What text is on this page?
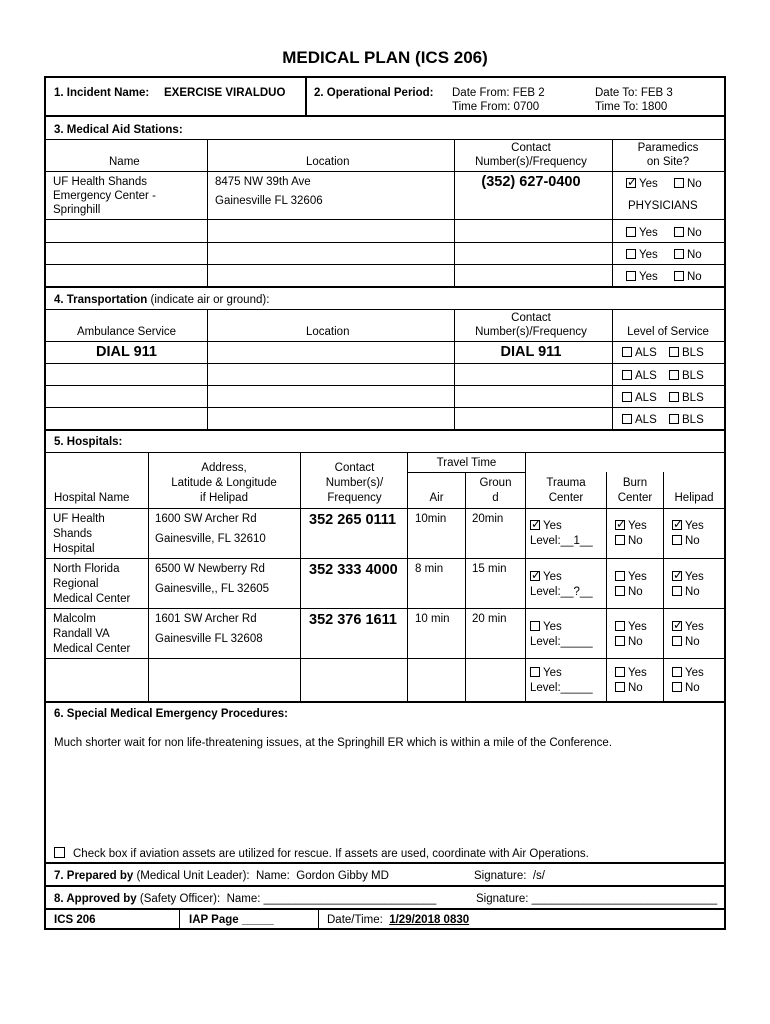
MEDICAL PLAN (ICS 206)
1. Incident Name: EXERCISE VIRALDUO 2. Operational Period: Date From: FEB 2	Date To: FEB 3
Time From: 0700	Time To: 1800
3. Medical Aid Stations:
Name	Location
Contact
Number(s)/Frequency
Paramedics
on Site?
UF Health Shands
Emergency Center -
Springhill
8475 NW 39th Ave
Gainesville FL 32606
(352) 627-0400
✓	Yes	No
PHYSICIANS
Yes	No
Yes	No
Yes	No
4. Transportation (indicate air or ground):
Ambulance Service	Location
Contact
Number(s)/Frequency	Level of Service
DIAL 911	DIAL 911	ALS	BLS
ALS	BLS
ALS	BLS
ALS	BLS
5. Hospitals:
Hospital Name
Address,
Latitude & Longitude
if Helipad
Contact
Number(s)/
Frequency
Travel Time
Air
Groun
d
Trauma
Center
Burn
Center	Helipad
UF Health
Shands
Hospital
1600 SW Archer Rd
Gainesville, FL 32610
352 265 0111 10min 20min
✓Yes
Level:__1__
✓Yes
No
✓Yes
No
North Florida
Regional
Medical Center
6500 W Newberry Rd
Gainesville,, FL 32605
352 333 4000 8 min	15 min
✓Yes
Level:__?__
Yes
No
✓Yes
No
Malcolm
Randall VA
Medical Center
1601 SW Archer Rd
Gainesville FL 32608
352 376 1611 10 min 20 min
Yes
Level:_____
Yes
No
✓Yes
No
Yes
Level:_____
Yes
No
Yes
No
6. Special Medical Emergency Procedures:
Much shorter wait for non life-threatening issues, at the Springhill ER which is within a mile of the Conference.
Check box if aviation assets are utilized for rescue. If assets are used, coordinate with Air Operations.
7. Prepared by (Medical Unit Leader): Name: Gordon Gibby MD	Signature: /s/
8. Approved by (Safety Officer): Name: ___________________________	Signature: _____________________________
ICS 206	IAP Page _____	Date/Time: 1/29/2018 0830
